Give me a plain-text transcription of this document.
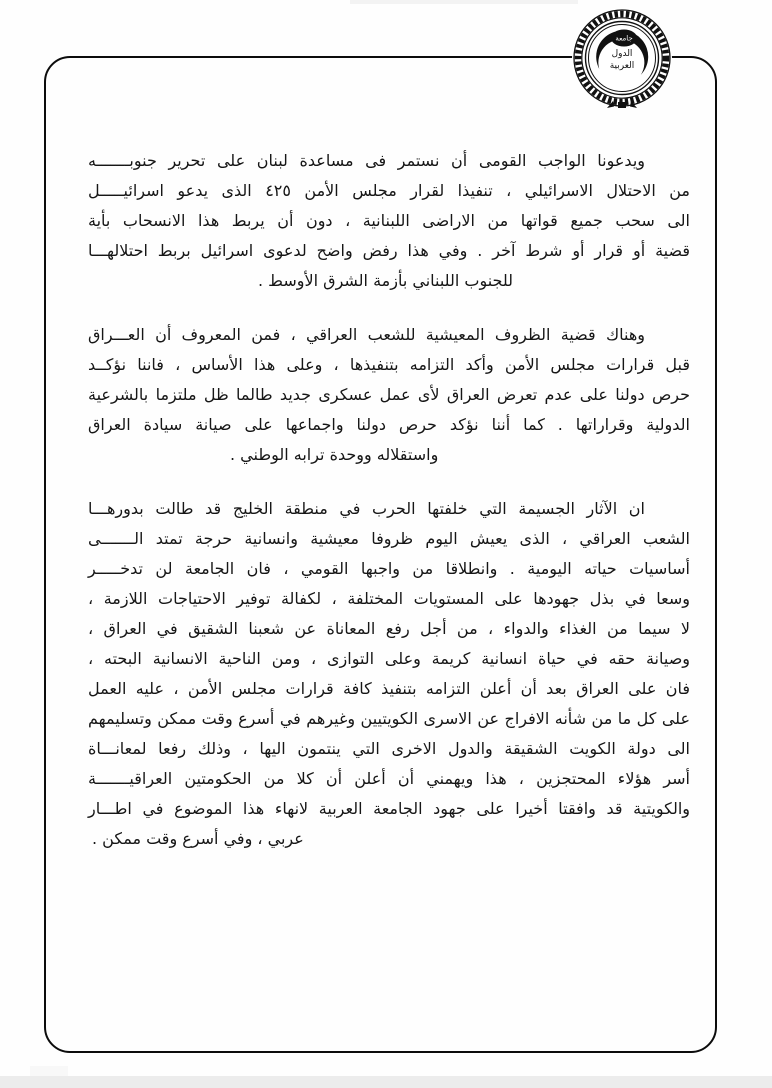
جامعة
الدول
العربية
ويدعونا الواجب القومى أن نستمر فى مساعدة لبنان على تحرير جنوبـــــــه
من الاحتلال الاسرائيلي ، تنفيذا لقرار مجلس الأمن ٤٢٥ الذى يدعو اسرائيـــــل
الى سحب جميع قواتها من الاراضى اللبنانية ، دون أن يربط هذا الانسحاب بأية
قضية أو قرار أو شرط آخر . وفي هذا رفض واضح لدعوى اسرائيل بربط احتلالهـــا
للجنوب اللبناني بأزمة الشرق الأوسط .
وهناك قضية الظروف المعيشية للشعب العراقي ، فمن المعروف أن العـــراق
قبل قرارات مجلس الأمن وأكد التزامه بتنفيذها ، وعلى هذا الأساس ، فاننا نؤكــد
حرص دولنا على عدم تعرض العراق لأى عمل عسكرى جديد طالما ظل ملتزما بالشرعية
الدولية وقراراتها . كما أننا نؤكد حرص دولنا واجماعها على صيانة سيادة العراق
واستقلاله ووحدة ترابه الوطني .
ان الآثار الجسيمة التي خلفتها الحرب في منطقة الخليج قد طالت بدورهـــا
الشعب العراقي ، الذى يعيش اليوم ظروفا معيشية وانسانية حرجة تمتد الـــــــى
أساسيات حياته اليومية . وانطلاقا من واجبها القومي ، فان الجامعة لن تدخـــــر
وسعا في بذل جهودها على المستويات المختلفة ، لكفالة توفير الاحتياجات اللازمة ،
لا سيما من الغذاء والدواء ، من أجل رفع المعاناة عن شعبنا الشقيق في العراق ،
وصيانة حقه في حياة انسانية كريمة وعلى التوازى ، ومن الناحية الانسانية البحته ،
فان على العراق بعد أن أعلن التزامه بتنفيذ كافة قرارات مجلس الأمن ، عليه العمل
على كل ما من شأنه الافراج عن الاسرى الكويتيين وغيرهم في أسرع وقت ممكن وتسليمهم
الى دولة الكويت الشقيقة والدول الاخرى التي ينتمون اليها ، وذلك رفعا لمعانـــاة
أسر هؤلاء المحتجزين ، هذا ويهمني أن أعلن أن كلا من الحكومتين العراقيـــــــة
والكويتية قد وافقتا أخيرا على جهود الجامعة العربية لانهاء هذا الموضوع في اطـــار
عربي ، وفي أسرع وقت ممكن .
